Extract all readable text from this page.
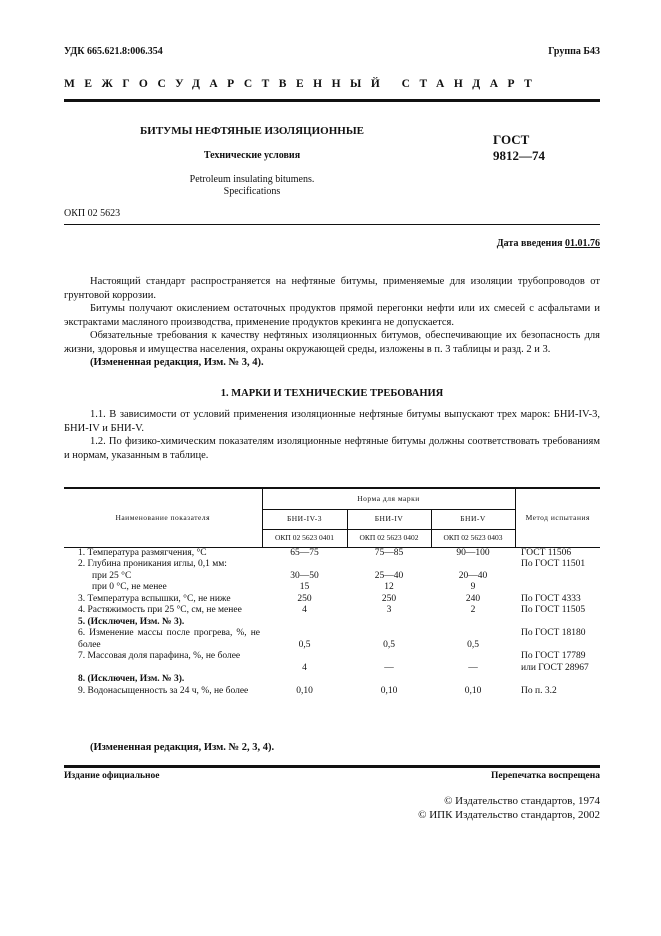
УДК 665.621.8:006.354	Группа Б43
МЕЖГОСУДАРСТВЕННЫЙ СТАНДАРТ
БИТУМЫ НЕФТЯНЫЕ ИЗОЛЯЦИОННЫЕ
Технические условия
Petroleum insulating bitumens.
Specifications
ГОСТ
9812—74
ОКП 02 5623
Дата введения 01.01.76

Настоящий стандарт распространяется на нефтяные битумы, применяемые для изоляции трубопроводов от грунтовой коррозии.

Битумы получают окислением остаточных продуктов прямой перегонки нефти или их смесей с асфальтами и экстрактами масляного производства, применение продуктов крекинга не допускается.

Обязательные требования к качеству нефтяных изоляционных битумов, обеспечивающие их безопасность для жизни, здоровья и имущества населения, охраны окружающей среды, изложены в п. 3 таблицы и разд. 2 и 3.

(Измененная редакция, Изм. № 3, 4).

1. МАРКИ И ТЕХНИЧЕСКИЕ ТРЕБОВАНИЯ

1.1. В зависимости от условий применения изоляционные нефтяные битумы выпускают трех марок: БНИ-IV-3, БНИ-IV и БНИ-V.

1.2. По физико-химическим показателям изоляционные нефтяные битумы должны соответствовать требованиям и нормам, указанным в таблице.

Наименование показателя	Норма для марки			Метод испытания
	БНИ-IV-3	БНИ-IV	БНИ-V	
	ОКП 02 5623 0401	ОКП 02 5623 0402	ОКП 02 5623 0403	
1. Температура размягчения, °С	65—75	75—85	90—100	ГОСТ 11506
2. Глубина проникания иглы, 0,1 мм:				По ГОСТ 11501
при 25 °С	30—50	25—40	20—40	
при 0 °С, не менее	15	12	9	
3. Температура вспышки, °С, не ниже	250	250	240	По ГОСТ 4333
4. Растяжимость при 25 °С, см, не менее	4	3	2	По ГОСТ 11505
5. (Исключен, Изм. № 3).				
6. Изменение массы после прогрева, %, не более	0,5	0,5	0,5	По ГОСТ 18180
7. Массовая доля парафина, %, не более	4	—	—	По ГОСТ 17789 или ГОСТ 28967
8. (Исключен, Изм. № 3).				
9. Водонасыщенность за 24 ч, %, не более	0,10	0,10	0,10	По п. 3.2
(Измененная редакция, Изм. № 2, 3, 4).
Издание официальное	Перепечатка воспрещена
© Издательство стандартов, 1974
© ИПК Издательство стандартов, 2002
